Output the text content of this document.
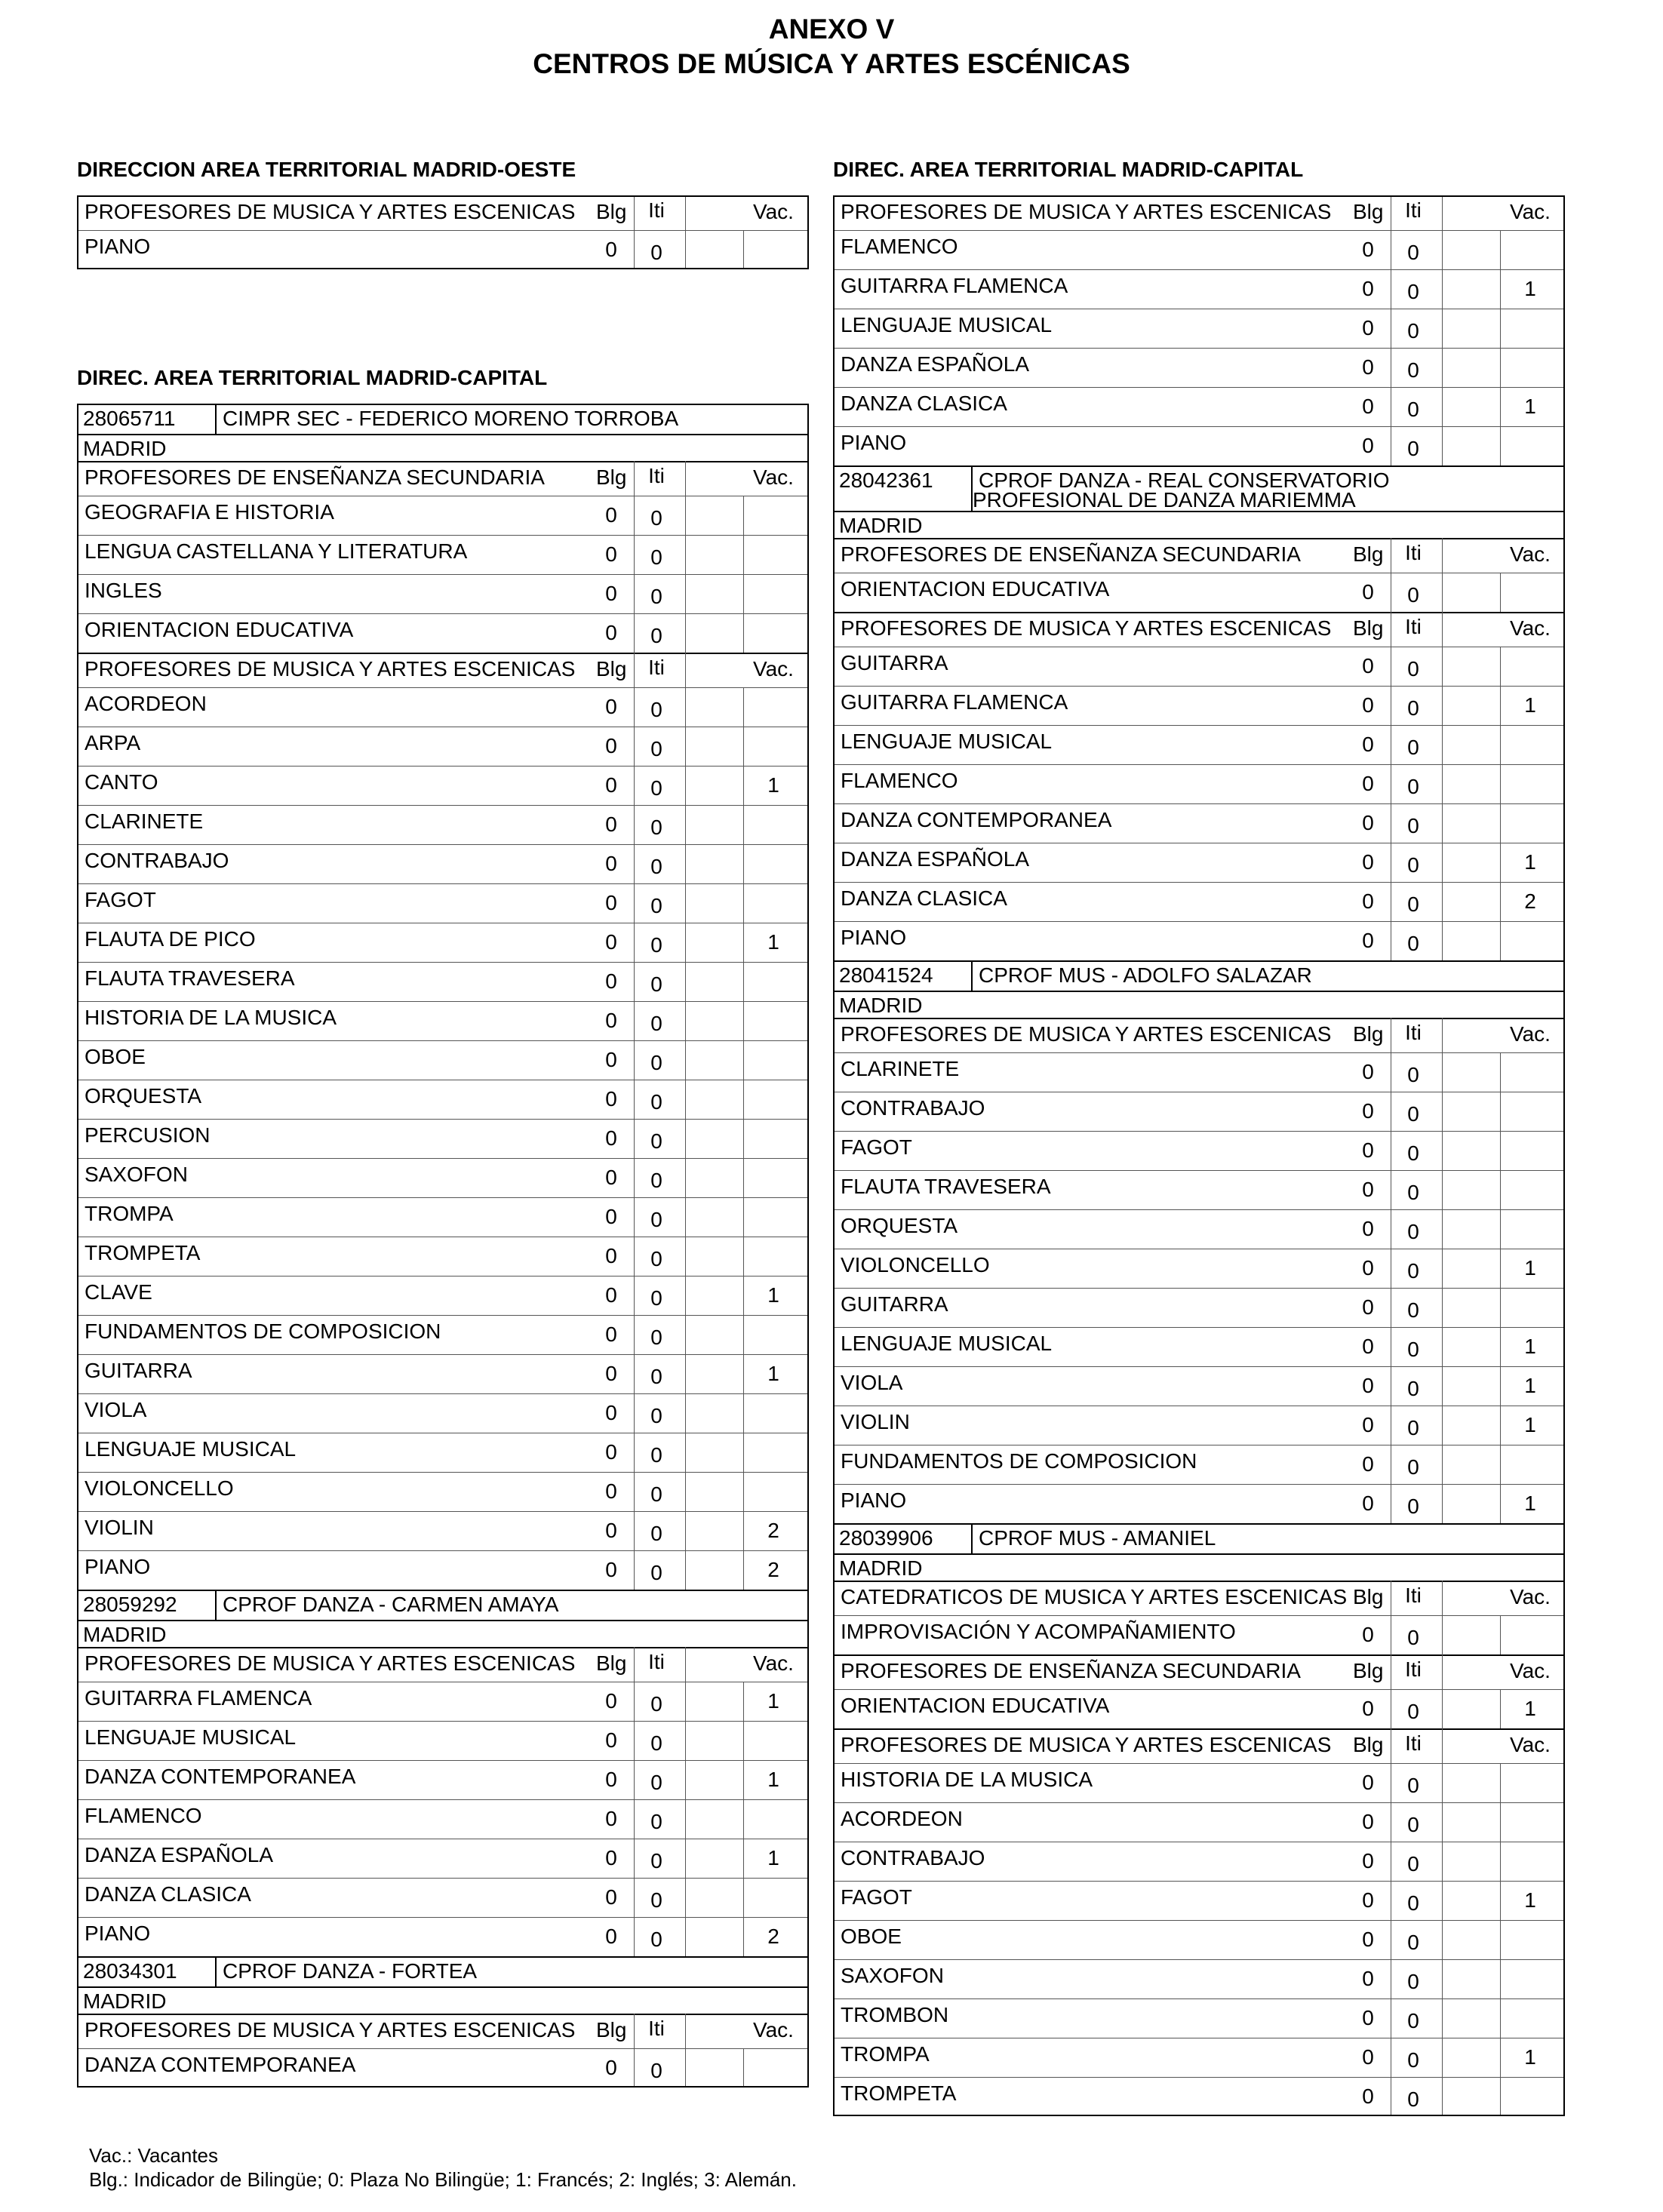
ANEXO V
CENTROS DE MÚSICA Y ARTES ESCÉNICAS
DIRECCION AREA TERRITORIAL MADRID-OESTE
PROFESORES DE MUSICA Y ARTES ESCENICAS Blg	Iti	Vac.
PIANO	0	0
DIREC. AREA TERRITORIAL MADRID-CAPITAL
28065711 CIMPR SEC - FEDERICO MORENO TORROBA
MADRID
PROFESORES DE ENSEÑANZA SECUNDARIA Blg	Iti	Vac.
GEOGRAFIA E HISTORIA	0	0
LENGUA CASTELLANA Y LITERATURA	0	0
INGLES	0	0
ORIENTACION EDUCATIVA	0	0
PROFESORES DE MUSICA Y ARTES ESCENICAS Blg	Iti	Vac.
ACORDEON	0	0
ARPA	0	0
CANTO	0	0	1
CLARINETE	0	0
CONTRABAJO	0	0
FAGOT	0	0
FLAUTA DE PICO	0	0	1
FLAUTA TRAVESERA	0	0
HISTORIA DE LA MUSICA	0	0
OBOE	0	0
ORQUESTA	0	0
PERCUSION	0	0
SAXOFON	0	0
TROMPA	0	0
TROMPETA	0	0
CLAVE	0	0	1
FUNDAMENTOS DE COMPOSICION	0	0
GUITARRA	0	0	1
VIOLA	0	0
LENGUAJE MUSICAL	0	0
VIOLONCELLO	0	0
VIOLIN	0	0	2
PIANO	0	0	2
28059292 CPROF DANZA - CARMEN AMAYA
MADRID
PROFESORES DE MUSICA Y ARTES ESCENICAS Blg	Iti	Vac.
GUITARRA FLAMENCA	0	0	1
LENGUAJE MUSICAL	0	0
DANZA CONTEMPORANEA	0	0	1
FLAMENCO	0	0
DANZA ESPAÑOLA	0	0	1
DANZA CLASICA	0	0
PIANO	0	0	2
28034301 CPROF DANZA - FORTEA
MADRID
PROFESORES DE MUSICA Y ARTES ESCENICAS Blg	Iti	Vac.
DANZA CONTEMPORANEA	0	0
DIREC. AREA TERRITORIAL MADRID-CAPITAL
PROFESORES DE MUSICA Y ARTES ESCENICAS Blg	Iti	Vac.
FLAMENCO	0	0
GUITARRA FLAMENCA	0	0	1
LENGUAJE MUSICAL	0	0
DANZA ESPAÑOLA	0	0
DANZA CLASICA	0	0	1
PIANO	0	0
28042361 CPROF DANZA - REAL CONSERVATORIO
PROFESIONAL DE DANZA MARIEMMA
MADRID
PROFESORES DE ENSEÑANZA SECUNDARIA Blg	Iti	Vac.
ORIENTACION EDUCATIVA	0	0
PROFESORES DE MUSICA Y ARTES ESCENICAS Blg	Iti	Vac.
GUITARRA	0	0
GUITARRA FLAMENCA	0	0	1
LENGUAJE MUSICAL	0	0
FLAMENCO	0	0
DANZA CONTEMPORANEA	0	0
DANZA ESPAÑOLA	0	0	1
DANZA CLASICA	0	0	2
PIANO	0	0
28041524 CPROF MUS - ADOLFO SALAZAR
MADRID
PROFESORES DE MUSICA Y ARTES ESCENICAS Blg	Iti	Vac.
CLARINETE	0	0
CONTRABAJO	0	0
FAGOT	0	0
FLAUTA TRAVESERA	0	0
ORQUESTA	0	0
VIOLONCELLO	0	0	1
GUITARRA	0	0
LENGUAJE MUSICAL	0	0	1
VIOLA	0	0	1
VIOLIN	0	0	1
FUNDAMENTOS DE COMPOSICION	0	0
PIANO	0	0	1
28039906 CPROF MUS - AMANIEL
MADRID
CATEDRATICOS DE MUSICA Y ARTES ESCENICAS Blg	Iti	Vac.
IMPROVISACIÓN Y ACOMPAÑAMIENTO	0	0
PROFESORES DE ENSEÑANZA SECUNDARIA Blg	Iti	Vac.
ORIENTACION EDUCATIVA	0	0	1
PROFESORES DE MUSICA Y ARTES ESCENICAS Blg	Iti	Vac.
HISTORIA DE LA MUSICA	0	0
ACORDEON	0	0
CONTRABAJO	0	0
FAGOT	0	0	1
OBOE	0	0
SAXOFON	0	0
TROMBON	0	0
TROMPA	0	0	1
TROMPETA	0	0
Vac.: Vacantes
Blg.: Indicador de Bilingüe; 0: Plaza No Bilingüe; 1: Francés; 2: Inglés; 3: Alemán.
